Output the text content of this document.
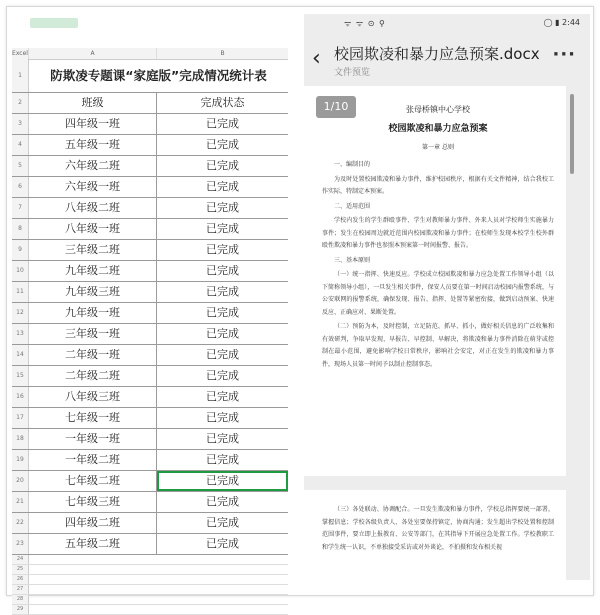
Excel	A	B
1	防欺凌专题课“家庭版”完成情况统计表
2	班级	完成状态
3	四年级一班	已完成
4	五年级一班	已完成
5	六年级二班	已完成
6	六年级一班	已完成
7	八年级二班	已完成
8	八年级一班	已完成
9	三年级二班	已完成
10	九年级二班	已完成
11	九年级三班	已完成
12	九年级一班	已完成
13	三年级一班	已完成
14	二年级一班	已完成
15	二年级二班	已完成
16	八年级三班	已完成
17	七年级一班	已完成
18	一年级一班	已完成
19	一年级二班	已完成
20	七年级二班	已完成
21	七年级三班	已完成
22	四年级二班	已完成
23	五年级二班	已完成
24
25
26
27
28
29
ᯤ ᯤ ⊙ ⚲	◯ ▮ 2:44
‹ 校园欺凌和暴力应急预案.docx
文件预览
···
1/10	张母桥镇中心学校
校园欺凌和暴力应急预案
第一章 总则
一、编制目的
为及时处置校园欺凌和暴力事件，维护校园秩序，根据有关文件精神，结合我校工作实际，特制定本预案。
二、适用范围
学校内发生的学生群殴事件、学生对教师暴力事件、外来人员对学校师生实施暴力事件；发生在校园周边就近范围内校园欺凌和暴力事件；在校师生发现本校学生校外群殴性欺凌和暴力事件也参照本预案第一时间报警、报告。
三、基本原则
（一）统一指挥、快速反应。学校成立校园欺凌和暴力应急处置工作领导小组（以下简称领导小组），一旦发生相关事件，保安人员要在第一时间启动校园内报警系统，与公安联网的报警系统，确保发现、报告、指挥、处置等紧密衔接，做到启动预案、快速反应、正确应对、果断处置。
（二）预防为本，及时控制，立足防范、抓早、抓小，做好相关信息的广泛收集和有效研判，争取早发现、早报告、早控制、早解决，将欺凌和暴力事件消除在萌芽或控制在最小范围，避免影响学校日常秩序，影响社会安定，对正在发生的欺凌和暴力事件，现场人员第一时间予以制止控制事态。
（三）各处联动、协调配合。一旦发生欺凌和暴力事件，学校总指挥要统一部署，掌握信息；学校各级负责人、各处室要保持镇定，协商沟通；发生超出学校处置和控制范围事件，要立即上报教育、公安等部门，在其指导下开展应急处置工作。学校教职工和学生统一认识，不单独接受采访或对外谈论，不拍摄和发布相关视
